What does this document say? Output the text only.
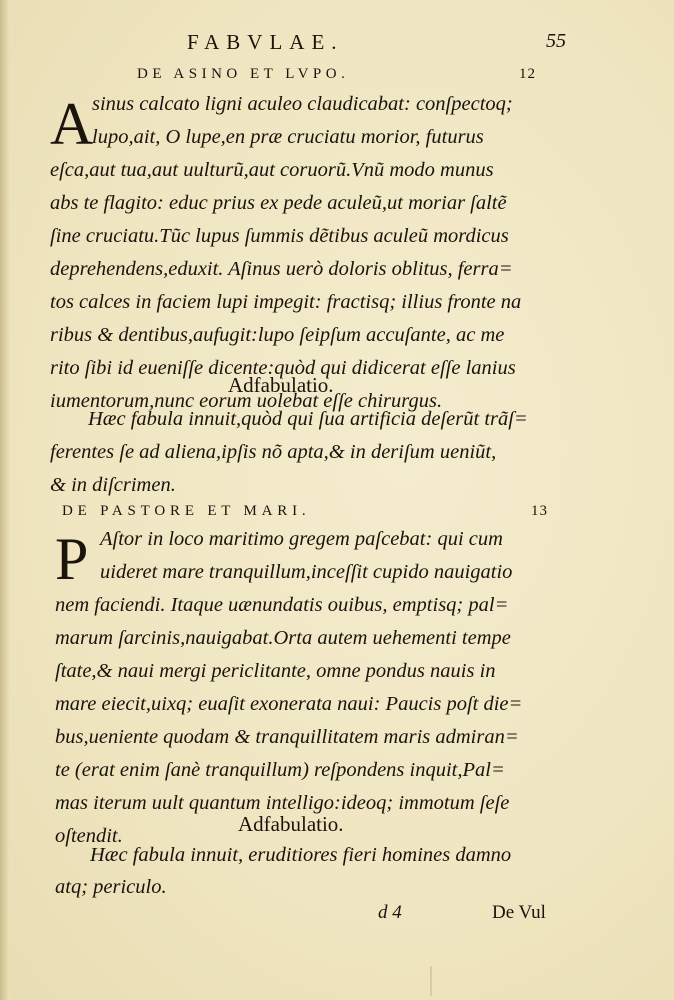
FABVLAE.	55
DE ASINO ET LVPO.	12
A
sinus calcato ligni aculeo claudicabat: conſpectoq;
lupo,ait, O lupe,en præ cruciatu morior, futurus
eſca,aut tua,aut uulturũ,aut coruorũ.Vnũ modo munus
abs te flagito: educ prius ex pede aculeũ,ut moriar ſaltẽ
ſine cruciatu.Tũc lupus ſummis dẽtibus aculeũ mordicus
deprehendens,eduxit. Aſinus uerò doloris oblitus, ferra=
tos calces in faciem lupi impegit: fractisq; illius fronte na
ribus & dentibus,aufugit:lupo ſeipſum accuſante, ac me
rito ſibi id eueniſſe dicente:quòd qui didicerat eſſe lanius
iumentorum,nunc eorum uolebat eſſe chirurgus.
Adfabulatio.
Hæc fabula innuit,quòd qui ſua artificia deſerũt trãſ=
ferentes ſe ad aliena,ipſis nõ apta,& in deriſum ueniũt,
& in diſcrimen.
DE PASTORE ET MARI.	13
P Aſtor in loco maritimo gregem paſcebat: qui cum
uideret mare tranquillum,inceſſit cupido nauigatio
nem faciendi. Itaque uænundatis ouibus, emptisq; pal=
marum ſarcinis,nauigabat.Orta autem uehementi tempe
ſtate,& naui mergi periclitante, omne pondus nauis in
mare eiecit,uixq; euaſit exonerata naui: Paucis poſt die=
bus,ueniente quodam & tranquillitatem maris admiran=
te (erat enim ſanè tranquillum) reſpondens inquit,Pal=
mas iterum uult quantum intelligo:ideoq; immotum ſeſe
oſtendit.	Adfabulatio.
Hæc fabula innuit, eruditiores fieri homines damno
atq; periculo.
d 4	De Vul
